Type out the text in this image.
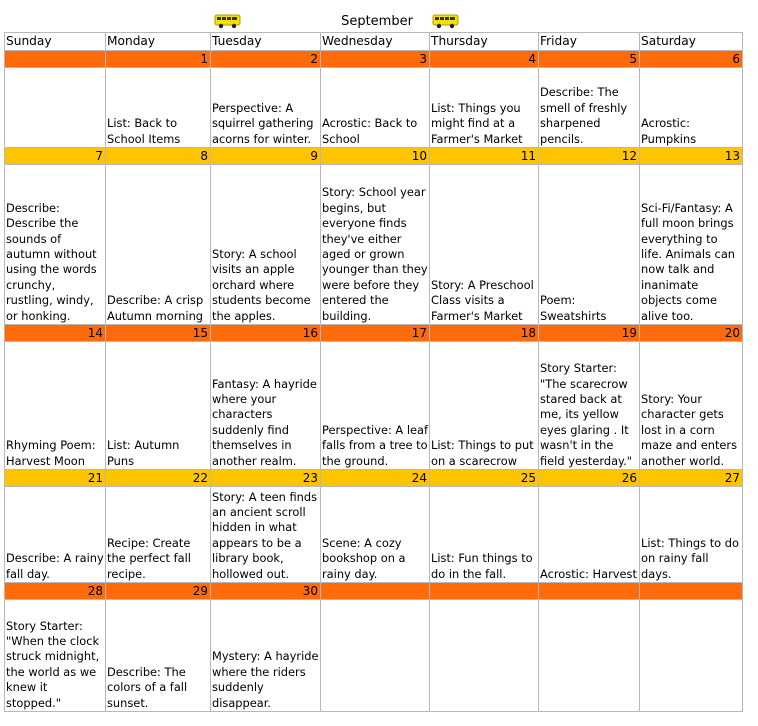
September
Sunday	Monday	Tuesday	Wednesday	Thursday	Friday	Saturday
	1	2	3	4	5	6
	List: Back to School Items	Perspective: A squirrel gathering acorns for winter.	Acrostic: Back to School	List: Things you might find at a Farmer's Market	Describe: The smell of freshly sharpened pencils.	Acrostic: Pumpkins
7	8	9	10	11	12	13
Describe: Describe the sounds of autumn without using the words crunchy, rustling, windy, or honking.	Describe: A crisp Autumn morning	Story: A school visits an apple orchard where students become the apples.	Story: School year begins, but everyone finds they've either aged or grown younger than they were before they entered the building.	Story: A Preschool Class visits a Farmer's Market	Poem: Sweatshirts	Sci-Fi/Fantasy: A full moon brings everything to life. Animals can now talk and inanimate objects come alive too.
14	15	16	17	18	19	20
Rhyming Poem: Harvest Moon	List: Autumn Puns	Fantasy: A hayride where your characters suddenly find themselves in another realm.	Perspective: A leaf falls from a tree to the ground.	List: Things to put on a scarecrow	Story Starter: "The scarecrow stared back at me, its yellow eyes glaring . It wasn't in the field yesterday."	Story: Your character gets lost in a corn maze and enters another world.
21	22	23	24	25	26	27
Describe: A rainy fall day.	Recipe: Create the perfect fall recipe.	Story: A teen finds an ancient scroll hidden in what appears to be a library book, hollowed out.	Scene: A cozy bookshop on a rainy day.	List: Fun things to do in the fall.	Acrostic: Harvest	List: Things to do on rainy fall days.
28	29	30				
Story Starter: "When the clock struck midnight, the world as we knew it stopped."	Describe: The colors of a fall sunset.	Mystery: A hayride where the riders suddenly disappear.				
